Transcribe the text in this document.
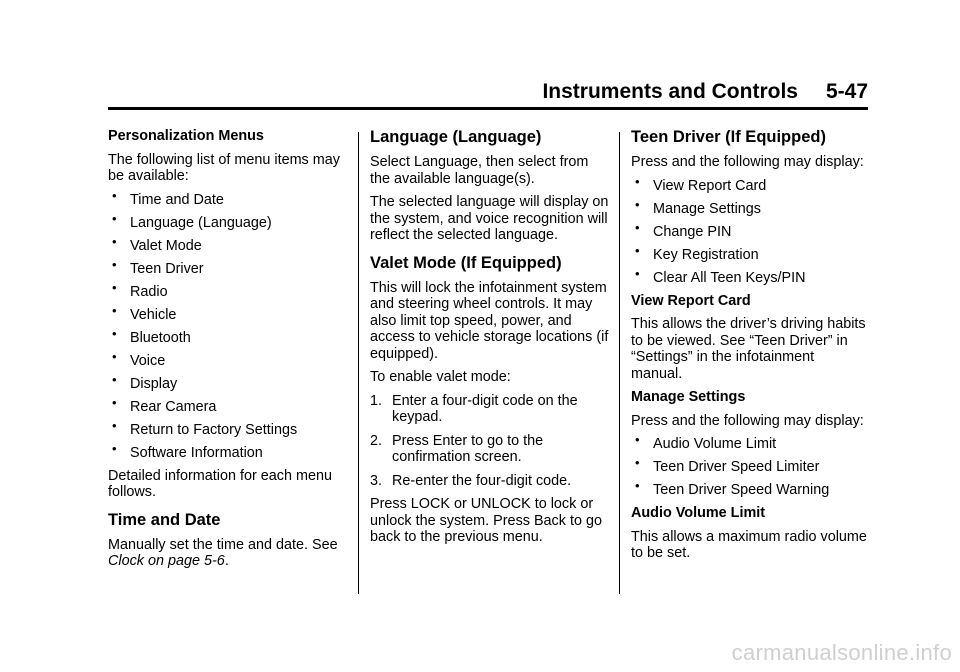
Instruments and Controls 5-47

Personalization Menus

The following list of menu items may be available:

• Time and Date
• Language (Language)
• Valet Mode
• Teen Driver
• Radio
• Vehicle
• Bluetooth
• Voice
• Display
• Rear Camera
• Return to Factory Settings
• Software Information

Detailed information for each menu follows.

Time and Date

Manually set the time and date. See Clock on page 5-6.

Language (Language)

Select Language, then select from the available language(s).

The selected language will display on the system, and voice recognition will reflect the selected language.

Valet Mode (If Equipped)

This will lock the infotainment system and steering wheel controls. It may also limit top speed, power, and access to vehicle storage locations (if equipped).

To enable valet mode:

1. Enter a four-digit code on the keypad.
2. Press Enter to go to the confirmation screen.
3. Re-enter the four-digit code.

Press LOCK or UNLOCK to lock or unlock the system. Press Back to go back to the previous menu.

Teen Driver (If Equipped)

Press and the following may display:

• View Report Card
• Manage Settings
• Change PIN
• Key Registration
• Clear All Teen Keys/PIN

View Report Card

This allows the driver’s driving habits to be viewed. See “Teen Driver” in “Settings” in the infotainment manual.

Manage Settings

Press and the following may display:

• Audio Volume Limit
• Teen Driver Speed Limiter
• Teen Driver Speed Warning

Audio Volume Limit

This allows a maximum radio volume to be set.

carmanualsonline.info
